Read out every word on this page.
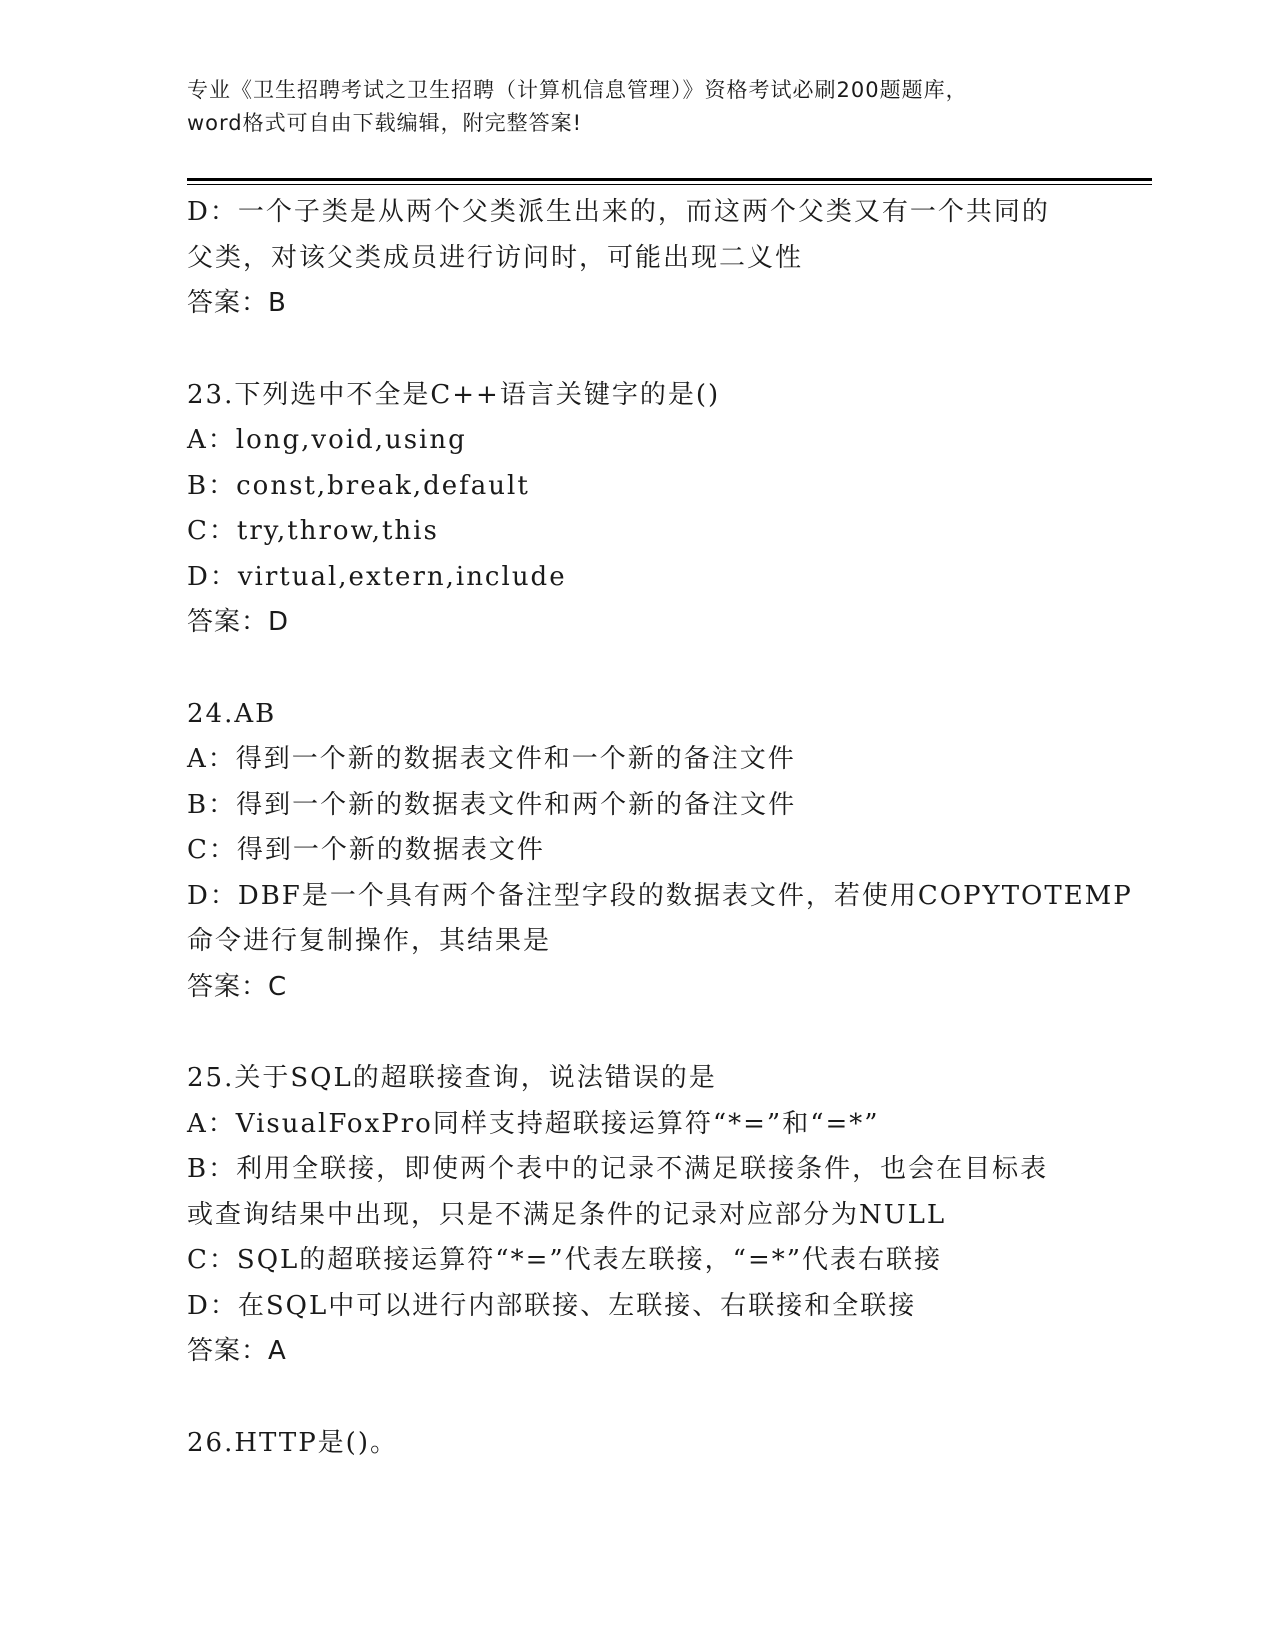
专业《卫生招聘考试之卫生招聘（计算机信息管理）》资格考试必刷200题题库，
word格式可自由下载编辑，附完整答案!
D：一个子类是从两个父类派生出来的，而这两个父类又有一个共同的
父类，对该父类成员进行访问时，可能出现二义性
答案：B
23.下列选中不全是C++语言关键字的是()
A：long,void,using
B：const,break,default
C：try,throw,this
D：virtual,extern,include
答案：D
24.AB
A：得到一个新的数据表文件和一个新的备注文件
B：得到一个新的数据表文件和两个新的备注文件
C：得到一个新的数据表文件
D：DBF是一个具有两个备注型字段的数据表文件，若使用COPYTOTEMP
命令进行复制操作，其结果是
答案：C
25.关于SQL的超联接查询，说法错误的是
A：VisualFoxPro同样支持超联接运算符“*=”和“=*”
B：利用全联接，即使两个表中的记录不满足联接条件，也会在目标表
或查询结果中出现，只是不满足条件的记录对应部分为NULL
C：SQL的超联接运算符“*=”代表左联接，“=*”代表右联接
D：在SQL中可以进行内部联接、左联接、右联接和全联接
答案：A
26.HTTP是()。
